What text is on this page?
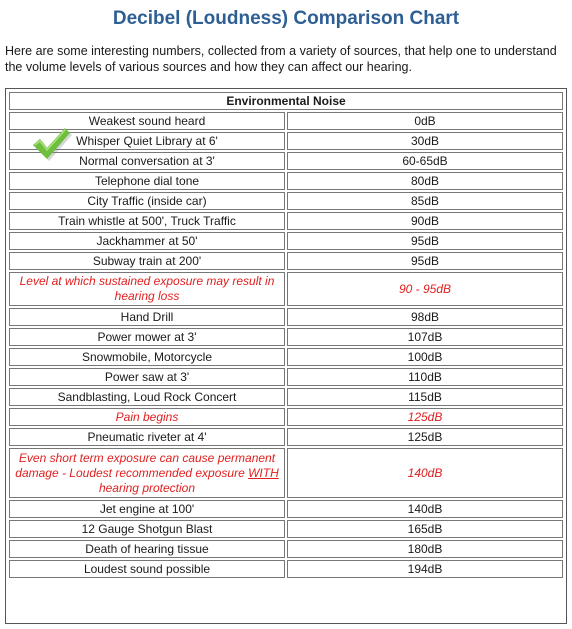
Decibel (Loudness) Comparison Chart

Here are some interesting numbers, collected from a variety of sources, that help one to understand the volume levels of various sources and how they can affect our hearing.

Environmental Noise	
Weakest sound heard	0dB
Whisper Quiet Library at 6'	30dB
Normal conversation at 3'	60-65dB
Telephone dial tone	80dB
City Traffic (inside car)	85dB
Train whistle at 500', Truck Traffic	90dB
Jackhammer at 50'	95dB
Subway train at 200'	95dB
Level at which sustained exposure may result in hearing loss	90 - 95dB
Hand Drill	98dB
Power mower at 3'	107dB
Snowmobile, Motorcycle	100dB
Power saw at 3'	110dB
Sandblasting, Loud Rock Concert	115dB
Pain begins	125dB
Pneumatic riveter at 4'	125dB
Even short term exposure can cause permanent damage - Loudest recommended exposure WITH hearing protection	140dB
Jet engine at 100'	140dB
12 Gauge Shotgun Blast	165dB
Death of hearing tissue	180dB
Loudest sound possible	194dB
